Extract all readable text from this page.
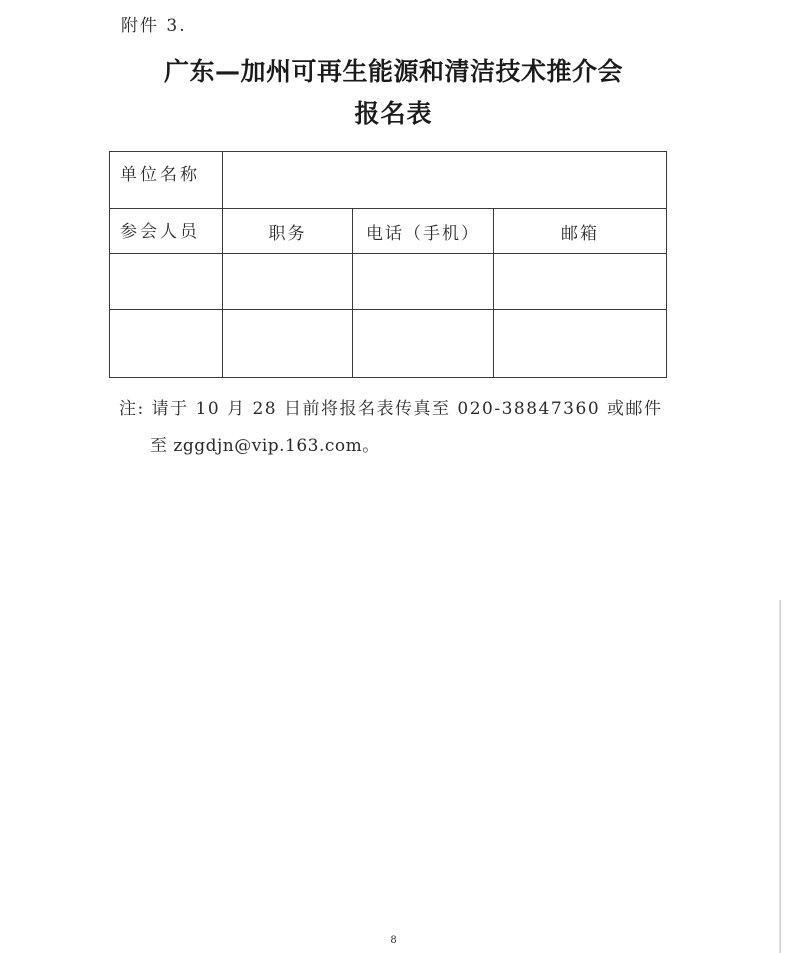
附件 3.
广东—加州可再生能源和清洁技术推介会
报名表
单位名称			
参会人员	职务	电话（手机）	邮箱

注: 请于 10 月 28 日前将报名表传真至 020-38847360 或邮件
至 zggdjn@vip.163.com。
8
